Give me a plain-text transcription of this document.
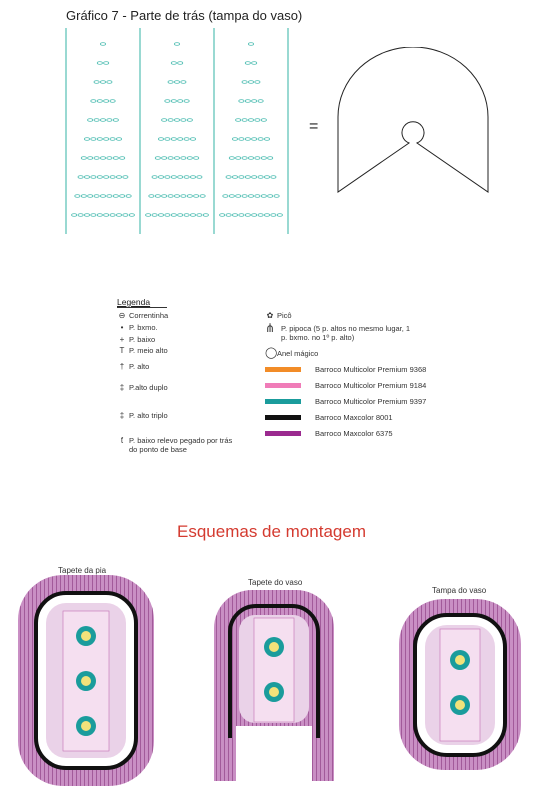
Gráfico 7 - Parte de trás (tampa do vaso)
=
Legenda
⊖ Correntinha
• P. bxmo.
+ P. baixo
T P. meio alto
† P. alto
‡ P.alto duplo
‡ P. alto triplo
ƭ P. baixo relevo pegado por trás do ponto de base
✿ Picô
⋔ P. pipoca (5 p. altos no mesmo lugar, 1 p. bxmo. no 1º p. alto)
◯Anel mágico
Barroco Multicolor Premium 9368
Barroco Multicolor Premium 9184
Barroco Multicolor Premium 9397
Barroco Maxcolor 8001
Barroco Maxcolor 6375
Esquemas de montagem
Tapete da pia
Tapete do vaso
Tampa do vaso
